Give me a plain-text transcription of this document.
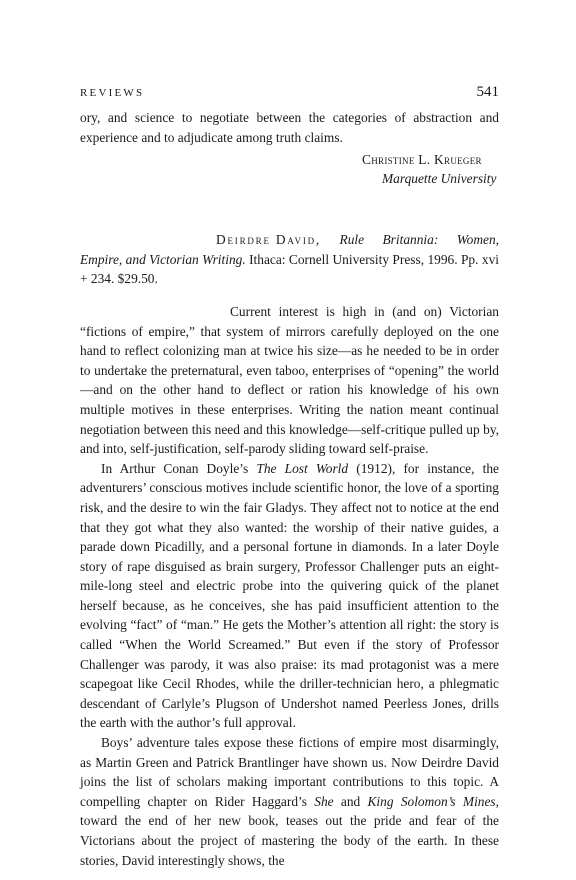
REVIEWS	541

ory, and science to negotiate between the categories of abstraction and experience and to adjudicate among truth claims.

Christine L. Krueger
Marquette University

Deirdre David, Rule Britannia: Women, Empire, and Victorian Writing. Ithaca: Cornell University Press, 1996. Pp. xvi + 234. $29.50.

Current interest is high in (and on) Victorian “fictions of empire,” that system of mirrors carefully deployed on the one hand to reflect colonizing man at twice his size—as he needed to be in order to undertake the preternatural, even taboo, enterprises of “opening” the world—and on the other hand to deflect or ration his knowledge of his own multiple motives in these enterprises. Writing the nation meant continual negotiation between this need and this knowledge—self-critique pulled up by, and into, self-justification, self-parody sliding toward self-praise.

In Arthur Conan Doyle’s The Lost World (1912), for instance, the adventurers’ conscious motives include scientific honor, the love of a sporting risk, and the desire to win the fair Gladys. They affect not to notice at the end that they got what they also wanted: the worship of their native guides, a parade down Picadilly, and a personal fortune in diamonds. In a later Doyle story of rape disguised as brain surgery, Professor Challenger puts an eight-mile-long steel and electric probe into the quivering quick of the planet herself because, as he conceives, she has paid insufficient attention to the evolving “fact” of “man.” He gets the Mother’s attention all right: the story is called “When the World Screamed.” But even if the story of Professor Challenger was parody, it was also praise: its mad protagonist was a mere scapegoat like Cecil Rhodes, while the driller-technician hero, a phlegmatic descendant of Carlyle’s Plugson of Undershot named Peerless Jones, drills the earth with the author’s full approval.

Boys’ adventure tales expose these fictions of empire most disarmingly, as Martin Green and Patrick Brantlinger have shown us. Now Deirdre David joins the list of scholars making important contributions to this topic. A compelling chapter on Rider Haggard’s She and King Solomon’s Mines, toward the end of her new book, teases out the pride and fear of the Victorians about the project of mastering the body of the earth. In these stories, David interestingly shows, the
